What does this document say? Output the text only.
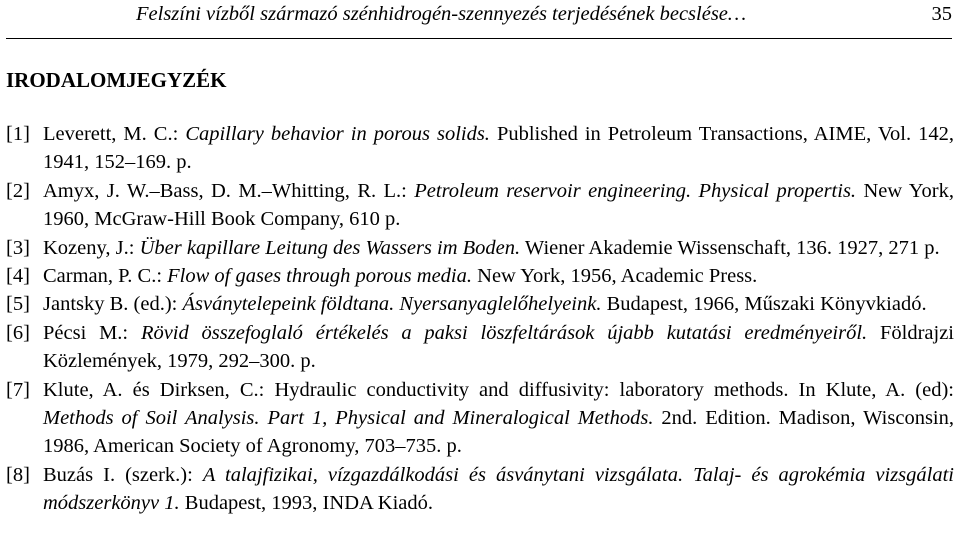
Felszíni vízből származó szénhidrogén-szennyezés terjedésének becslése…	35
IRODALOMJEGYZÉK
[1] Leverett, M. C.: Capillary behavior in porous solids. Published in Petroleum Transactions, AIME, Vol. 142, 1941, 152–169. p.
[2] Amyx, J. W.–Bass, D. M.–Whitting, R. L.: Petroleum reservoir engineering. Physical propertis. New York, 1960, McGraw-Hill Book Company, 610 p.
[3] Kozeny, J.: Über kapillare Leitung des Wassers im Boden. Wiener Akademie Wissenschaft, 136. 1927, 271 p.
[4] Carman, P. C.: Flow of gases through porous media. New York, 1956, Academic Press.
[5] Jantsky B. (ed.): Ásványtelepeink földtana. Nyersanyaglelőhelyeink. Budapest, 1966, Műszaki Könyvkiadó.
[6] Pécsi M.: Rövid összefoglaló értékelés a paksi löszfeltárások újabb kutatási eredményeiről. Földrajzi Közlemények, 1979, 292–300. p.
[7] Klute, A. és Dirksen, C.: Hydraulic conductivity and diffusivity: laboratory methods. In Klute, A. (ed): Methods of Soil Analysis. Part 1, Physical and Mineralogical Methods. 2nd. Edition. Madison, Wisconsin, 1986, American Society of Agronomy, 703–735. p.
[8] Buzás I. (szerk.): A talajfizikai, vízgazdálkodási és ásványtani vizsgálata. Talaj- és agrokémia vizsgálati módszerkönyv 1. Budapest, 1993, INDA Kiadó.
